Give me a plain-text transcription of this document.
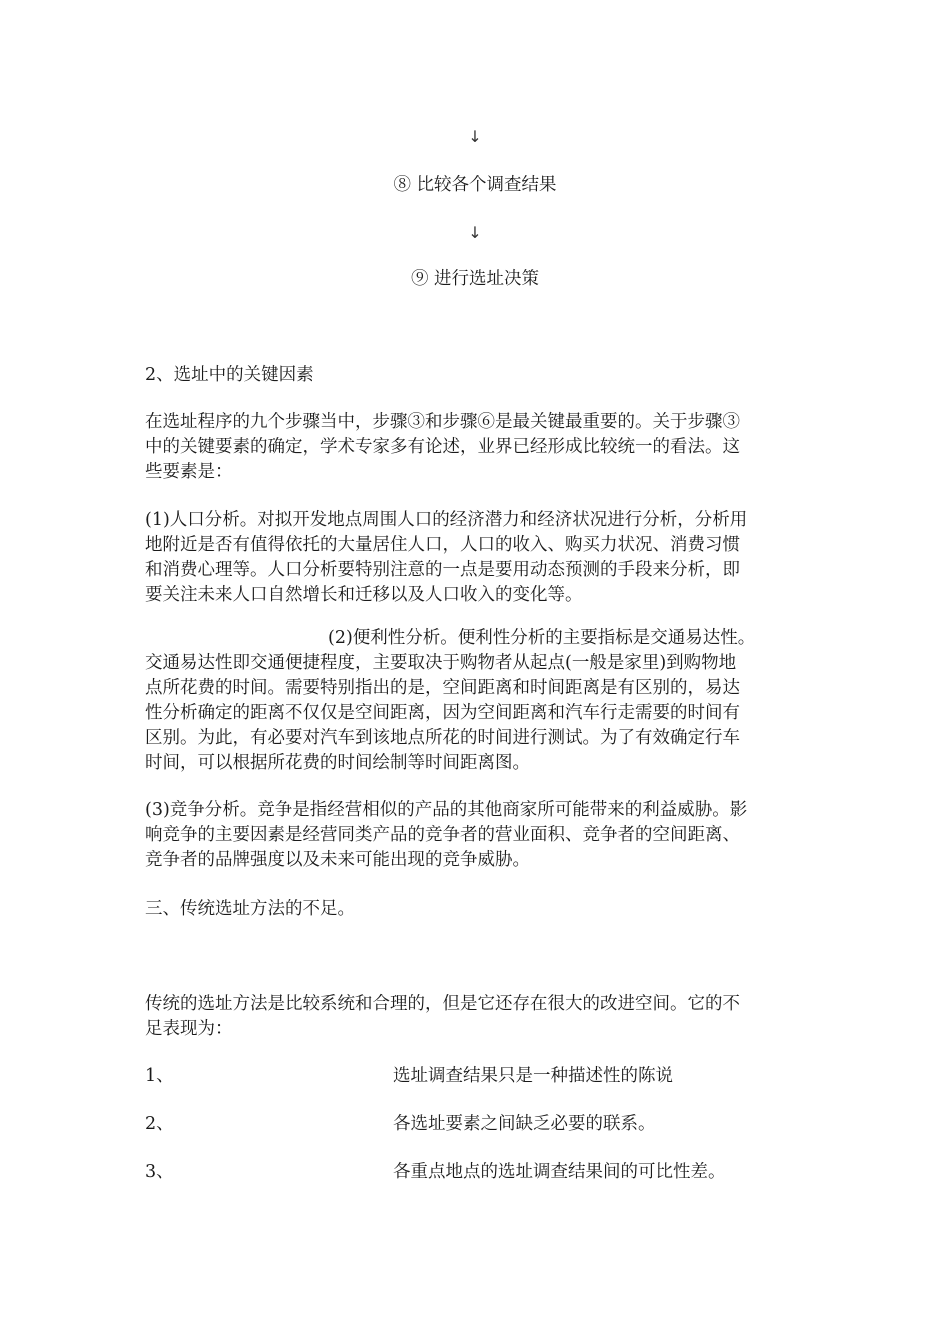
↓
⑧ 比较各个调查结果
↓
⑨ 进行选址决策
2、选址中的关键因素
在选址程序的九个步骤当中，步骤③和步骤⑥是最关键最重要的。关于步骤③
中的关键要素的确定，学术专家多有论述，业界已经形成比较统一的看法。这
些要素是：
(1)人口分析。对拟开发地点周围人口的经济潜力和经济状况进行分析，分析用
地附近是否有值得依托的大量居住人口，人口的收入、购买力状况、消费习惯
和消费心理等。人口分析要特别注意的一点是要用动态预测的手段来分析，即
要关注未来人口自然增长和迁移以及人口收入的变化等。
(2)便利性分析。便利性分析的主要指标是交通易达性。
交通易达性即交通便捷程度，主要取决于购物者从起点(一般是家里)到购物地
点所花费的时间。需要特别指出的是，空间距离和时间距离是有区别的，易达
性分析确定的距离不仅仅是空间距离，因为空间距离和汽车行走需要的时间有
区别。为此，有必要对汽车到该地点所花的时间进行测试。为了有效确定行车
时间，可以根据所花费的时间绘制等时间距离图。
(3)竞争分析。竞争是指经营相似的产品的其他商家所可能带来的利益威胁。影
响竞争的主要因素是经营同类产品的竞争者的营业面积、竞争者的空间距离、
竞争者的品牌强度以及未来可能出现的竞争威胁。
三、传统选址方法的不足。
传统的选址方法是比较系统和合理的，但是它还存在很大的改进空间。它的不
足表现为：
1、	选址调查结果只是一种描述性的陈说
2、	各选址要素之间缺乏必要的联系。
3、	各重点地点的选址调查结果间的可比性差。
